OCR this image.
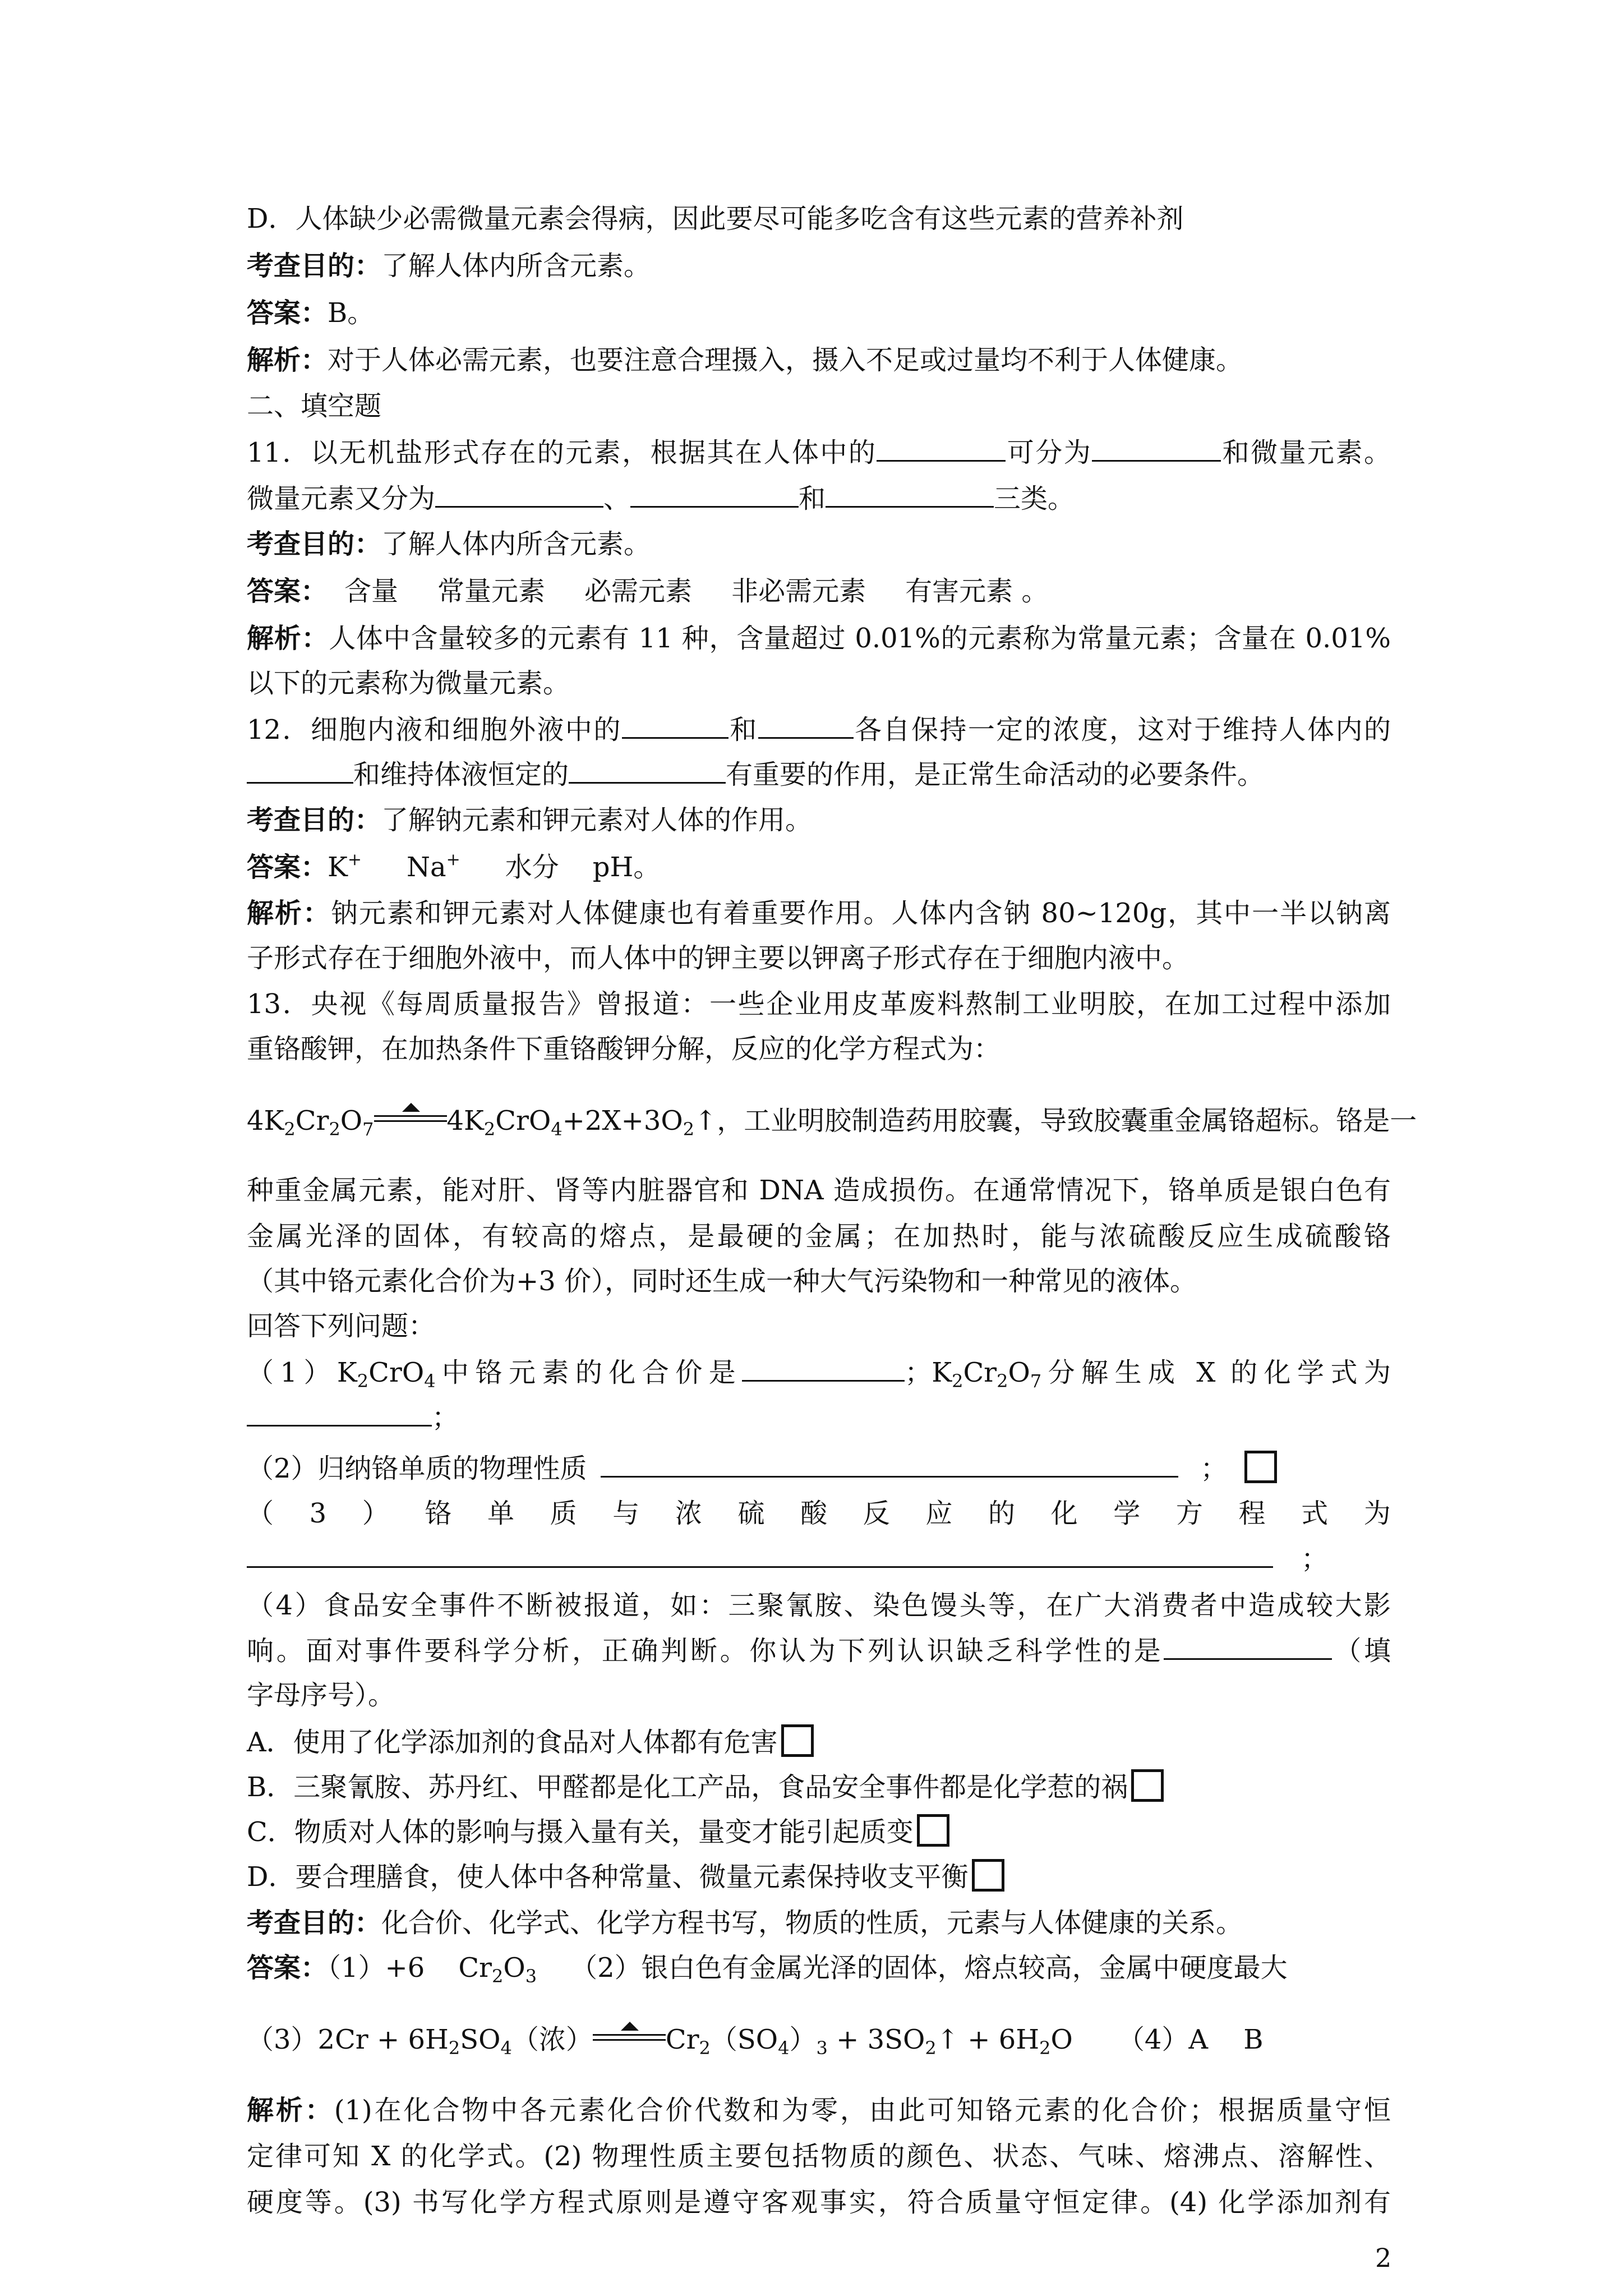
D．人体缺少必需微量元素会得病，因此要尽可能多吃含有这些元素的营养补剂
考查目的：了解人体内所含元素。
答案：B。
解析：对于人体必需元素，也要注意合理摄入，摄入不足或过量均不利于人体健康。
二、填空题
11．以无机盐形式存在的元素，根据其在人体中的	可分为	和微量元素。
微量元素又分为	、	和	三类。
考查目的：了解人体内所含元素。
答案： 含量 常量元素 必需元素 非必需元素 有害元素 。
解析：人体中含量较多的元素有 11 种，含量超过 0.01%的元素称为常量元素；含量在 0.01%
以下的元素称为微量元素。
12．细胞内液和细胞外液中的	和	各自保持一定的浓度，这对于维持人体内的
和维持体液恒定的	有重要的作用，是正常生命活动的必要条件。
考查目的：了解钠元素和钾元素对人体的作用。
答案：K+ Na+ 水分 pH。
解析：钠元素和钾元素对人体健康也有着重要作用。人体内含钠 80~120g，其中一半以钠离
子形式存在于细胞外液中，而人体中的钾主要以钾离子形式存在于细胞内液中。
13．央视《每周质量报告》曾报道：一些企业用皮革废料熬制工业明胶，在加工过程中添加
重铬酸钾，在加热条件下重铬酸钾分解，反应的化学方程式为：
$4K_2Cr_2O_7$	$4K_2CrO_4+2X+3O_2↑$，工业明胶制造药用胶囊，导致胶囊重金属铬超标。铬是一
种重金属元素，能对肝、肾等内脏器官和 DNA 造成损伤。在通常情况下，铬单质是银白色有
金属光泽的固体，有较高的熔点，是最硬的金属；在加热时，能与浓硫酸反应生成硫酸铬
（其中铬元素化合价为+3 价），同时还生成一种大气污染物和一种常见的液体。
回答下列问题：
$(1)K_2CrO_4$中铬元素的化合价是	；$K_2Cr_2O_7$分解生成 X 的化学式为
；
（2）归纳铬单质的物理性质	；
（3）铬单质与浓硫酸反应的化学方程式为
；
（4）食品安全事件不断被报道，如：三聚氰胺、染色馒头等，在广大消费者中造成较大影
响。面对事件要科学分析，正确判断。你认为下列认识缺乏科学性的是	（填
字母序号）。
A．使用了化学添加剂的食品对人体都有危害
B．三聚氰胺、苏丹红、甲醛都是化工产品，食品安全事件都是化学惹的祸
C．物质对人体的影响与摄入量有关，量变才能引起质变
D．要合理膳食，使人体中各种常量、微量元素保持收支平衡
考查目的：化合价、化学式、化学方程书写，物质的性质，元素与人体健康的关系。
答案：（1）+6 $Cr_2O_3$ （2）银白色有金属光泽的固体，熔点较高，金属中硬度最大
$(3)2Cr + 6H_2SO_4$（浓）	$Cr_2(SO_4)_3$ + $3SO_2↑ + 6H_2O$ （4）A　 B
解析：(1)在化合物中各元素化合价代数和为零，由此可知铬元素的化合价；根据质量守恒
定律可知 X 的化学式。(2) 物理性质主要包括物质的颜色、状态、气味、熔沸点、溶解性、
硬度等。(3) 书写化学方程式原则是遵守客观事实，符合质量守恒定律。(4) 化学添加剂有
2
